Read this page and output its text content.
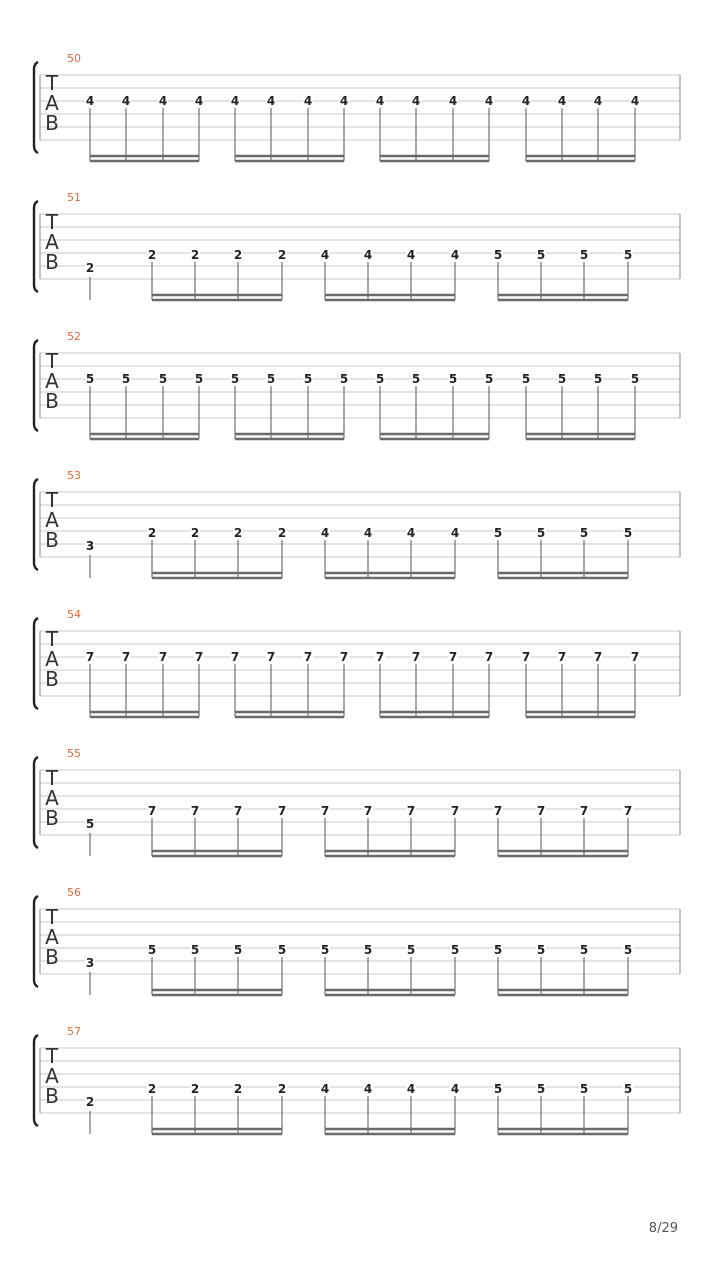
50
T
A
B
4 4 4 4 4 4 4 4 4 4 4 4 4 4 4 4
51
T
A
B 2
2	2	2	2	4	4	4	4	5	5	5	5
52
T
A
B
5 5 5 5 5 5 5 5 5 5 5 5 5 5 5 5
53
T
A
B 3
2	2	2	2	4	4	4	4	5	5	5	5
54
T
A
B
7 7 7 7 7 7 7 7 7 7 7 7 7 7 7 7
55
T
A
B 5
7	7	7	7	7	7	7	7	7	7	7	7
56
T
A
B 3
5	5	5	5	5	5	5	5	5	5	5	5
57
T
A
B 2
2	2	2	2	4	4	4	4	5	5	5	5
8/29
